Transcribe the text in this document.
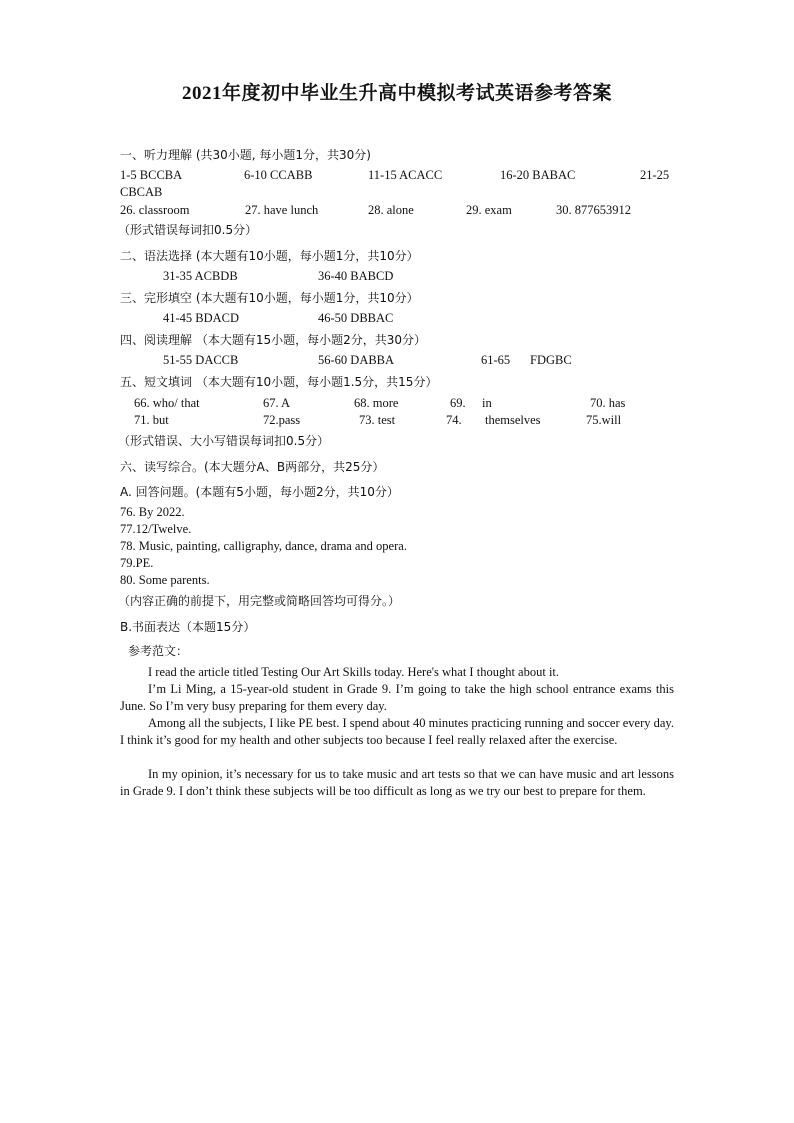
2021年度初中毕业生升高中模拟考试英语参考答案
一、听力理解 (共30小题, 每小题1分，共30分)
1-5 BCCBA	6-10 CCABB	11-15 ACACC	16-20 BABAC	21-25
CBCAB
26. classroom	27. have lunch	28. alone	29. exam	30. 877653912
（形式错误每词扣0.5分）
二、语法选择 (本大题有10小题，每小题1分，共10分）
31-35 ACBDB	36-40 BABCD
三、完形填空 (本大题有10小题，每小题1分，共10分）
41-45 BDACD	46-50 DBBAC
四、阅读理解 （本大题有15小题，每小题2分，共30分）
51-55 DACCB	56-60 DABBA	61-65 FDGBC
五、短文填词 （本大题有10小题，每小题1.5分，共15分）
66. who/ that	67. A	68. more	69. in	70. has
71. but	72.pass	73. test	74. themselves	75.will
（形式错误、大小写错误每词扣0.5分）
六、读写综合。(本大题分A、B两部分，共25分）
A. 回答问题。(本题有5小题，每小题2分，共10分）
76. By 2022.
77.12/Twelve.
78. Music, painting, calligraphy, dance, drama and opera.
79.PE.
80. Some parents.
（内容正确的前提下，用完整或简略回答均可得分。）
B.书面表达（本题15分）
参考范文：

I read the article titled Testing Our Art Skills today. Here's what I thought about it.

I’m Li Ming, a 15-year-old student in Grade 9. I’m going to take the high school entrance exams this June. So I’m very busy preparing for them every day.

Among all the subjects, I like PE best. I spend about 40 minutes practicing running and soccer every day. I think it’s good for my health and other subjects too because I feel really relaxed after the exercise.

In my opinion, it’s necessary for us to take music and art tests so that we can have music and art lessons in Grade 9. I don’t think these subjects will be too difficult as long as we try our best to prepare for them.
